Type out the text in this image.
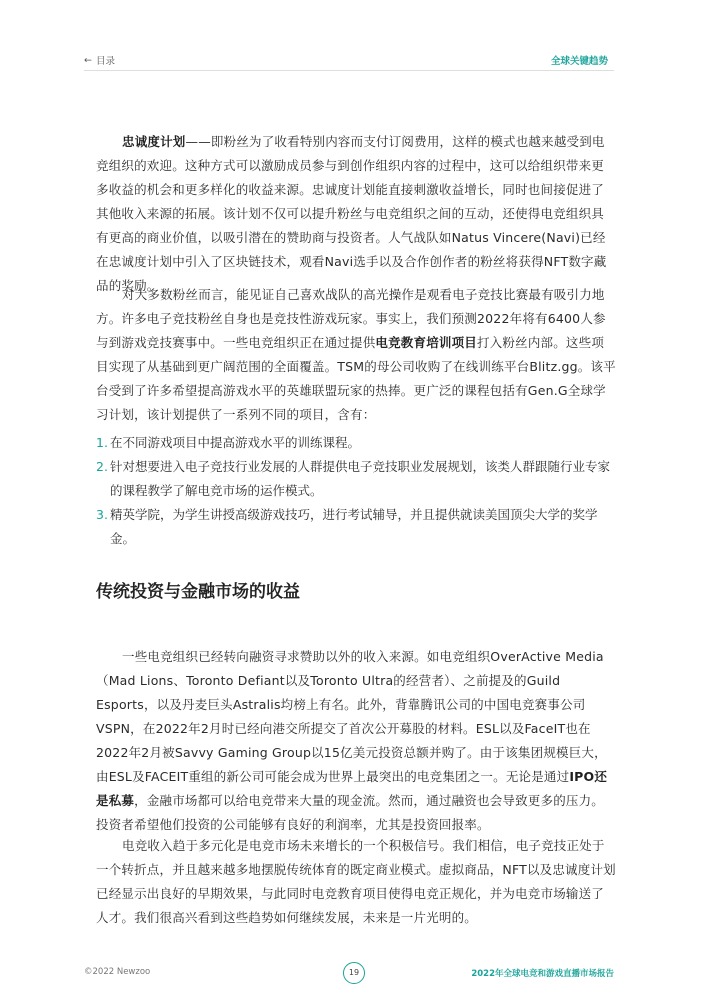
← 目录	全球关键趋势

忠诚度计划——即粉丝为了收看特别内容而支付订阅费用，这样的模式也越来越受到电竞组织的欢迎。这种方式可以激励成员参与到创作组织内容的过程中，这可以给组织带来更多收益的机会和更多样化的收益来源。忠诚度计划能直接刺激收益增长，同时也间接促进了其他收入来源的拓展。该计划不仅可以提升粉丝与电竞组织之间的互动，还使得电竞组织具有更高的商业价值，以吸引潜在的赞助商与投资者。人气战队如Natus Vincere(Navi)已经在忠诚度计划中引入了区块链技术，观看Navi选手以及合作创作者的粉丝将获得NFT数字藏品的奖励。

对大多数粉丝而言，能见证自己喜欢战队的高光操作是观看电子竞技比赛最有吸引力地方。许多电子竞技粉丝自身也是竞技性游戏玩家。事实上，我们预测2022年将有6400人参与到游戏竞技赛事中。一些电竞组织正在通过提供电竞教育培训项目打入粉丝内部。这些项目实现了从基础到更广阔范围的全面覆盖。TSM的母公司收购了在线训练平台Blitz.gg。该平台受到了许多希望提高游戏水平的英雄联盟玩家的热捧。更广泛的课程包括有Gen.G全球学习计划，该计划提供了一系列不同的项目，含有：

1. 在不同游戏项目中提高游戏水平的训练课程。
2. 针对想要进入电子竞技行业发展的人群提供电子竞技职业发展规划，该类人群跟随行业专家的课程教学了解电竞市场的运作模式。
3. 精英学院，为学生讲授高级游戏技巧，进行考试辅导，并且提供就读美国顶尖大学的奖学金。
传统投资与金融市场的收益

一些电竞组织已经转向融资寻求赞助以外的收入来源。如电竞组织OverActive Media（Mad Lions、Toronto Defiant以及Toronto Ultra的经营者）、之前提及的Guild Esports，以及丹麦巨头Astralis均榜上有名。此外，背靠腾讯公司的中国电竞赛事公司VSPN，在2022年2月时已经向港交所提交了首次公开募股的材料。ESL以及FaceIT也在2022年2月被Savvy Gaming Group以15亿美元投资总额并购了。由于该集团规模巨大，由ESL及FACEIT重组的新公司可能会成为世界上最突出的电竞集团之一。无论是通过IPO还是私募，金融市场都可以给电竞带来大量的现金流。然而，通过融资也会导致更多的压力。投资者希望他们投资的公司能够有良好的利润率，尤其是投资回报率。

电竞收入趋于多元化是电竞市场未来增长的一个积极信号。我们相信，电子竞技正处于一个转折点，并且越来越多地摆脱传统体育的既定商业模式。虚拟商品，NFT以及忠诚度计划已经显示出良好的早期效果，与此同时电竞教育项目使得电竞正规化，并为电竞市场输送了人才。我们很高兴看到这些趋势如何继续发展，未来是一片光明的。

©2022 Newzoo	19	2022年全球电竞和游戏直播市场报告
